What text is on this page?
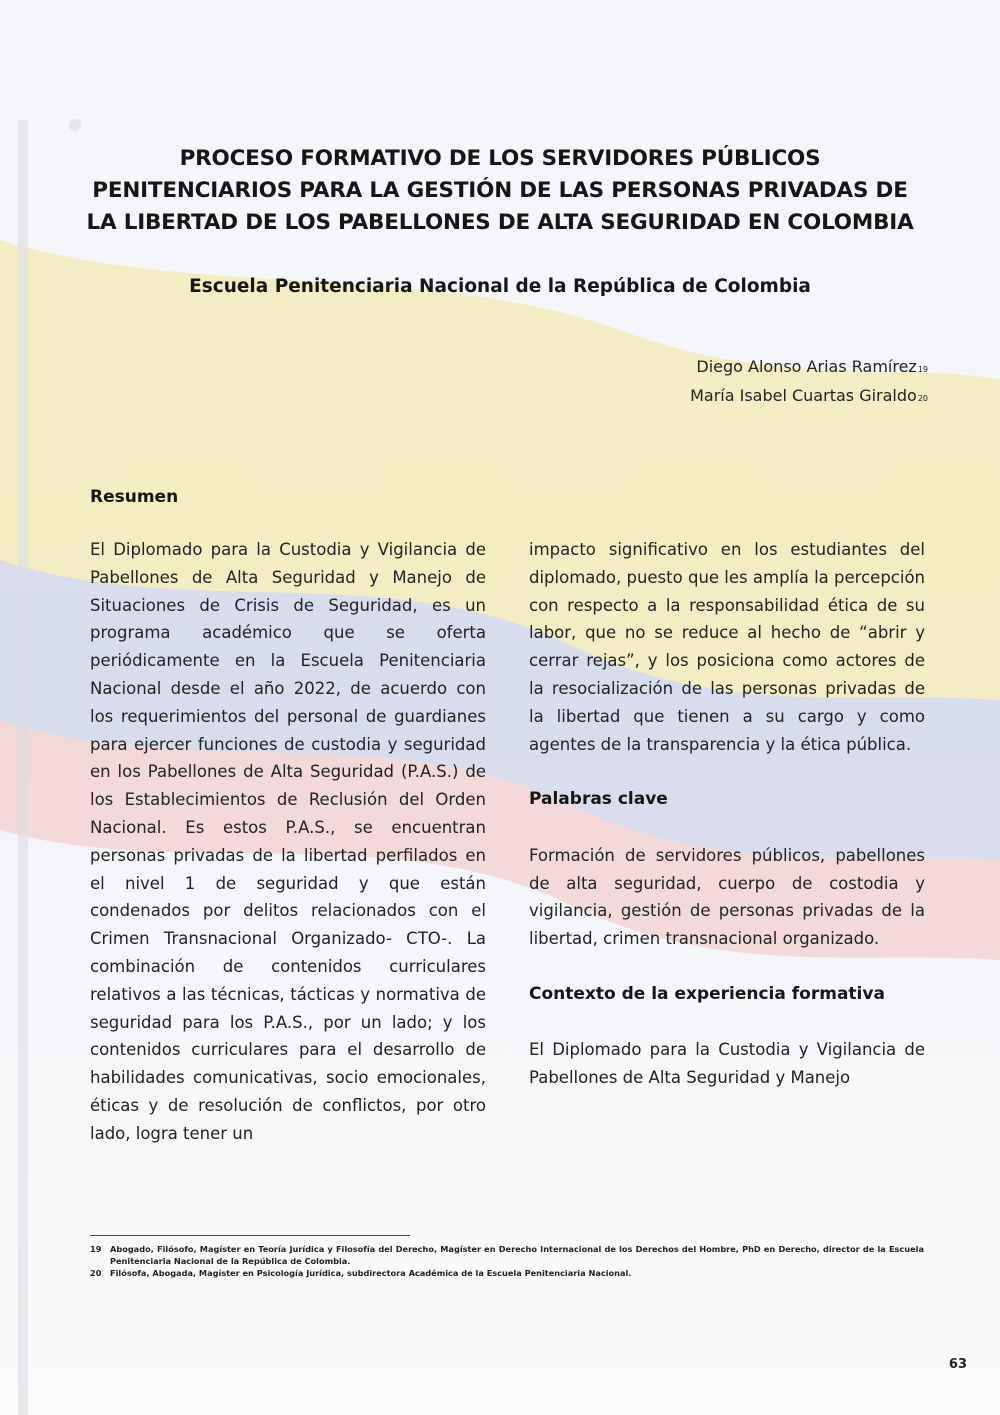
PROCESO FORMATIVO DE LOS SERVIDORES PÚBLICOS
PENITENCIARIOS PARA LA GESTIÓN DE LAS PERSONAS PRIVADAS DE
LA LIBERTAD DE LOS PABELLONES DE ALTA SEGURIDAD EN COLOMBIA
Escuela Penitenciaria Nacional de la República de Colombia
Diego Alonso Arias Ramírez19
María Isabel Cuartas Giraldo20
Resumen

El Diplomado para la Custodia y Vigilancia de Pabellones de Alta Seguridad y Manejo de Situaciones de Crisis de Seguridad, es un programa académico que se oferta periódicamente en la Escuela Penitenciaria Nacional desde el año 2022, de acuerdo con los requerimientos del personal de guardianes para ejercer funciones de custodia y seguridad en los Pabellones de Alta Seguridad (P.A.S.) de los Establecimientos de Reclusión del Orden Nacional. Es estos P.A.S., se encuentran personas privadas de la libertad perfilados en el nivel 1 de seguridad y que están condenados por delitos relacionados con el Crimen Transnacional Organizado- CTO-. La combinación de contenidos curriculares relativos a las técnicas, tácticas y normativa de seguridad para los P.A.S., por un lado; y los contenidos curriculares para el desarrollo de habilidades comunicativas, socio emocionales, éticas y de resolución de conflictos, por otro lado, logra tener un

impacto significativo en los estudiantes del diplomado, puesto que les amplía la percepción con respecto a la responsabilidad ética de su labor, que no se reduce al hecho de “abrir y cerrar rejas”, y los posiciona como actores de la resocialización de las personas privadas de la libertad que tienen a su cargo y como agentes de la transparencia y la ética pública.

Palabras clave

Formación de servidores públicos, pabellones de alta seguridad, cuerpo de costodia y vigilancia, gestión de personas privadas de la libertad, crimen transnacional organizado.

Contexto de la experiencia formativa

El Diplomado para la Custodia y Vigilancia de Pabellones de Alta Seguridad y Manejo

19 Abogado, Filósofo, Magíster en Teoría Jurídica y Filosofía del Derecho, Magíster en Derecho Internacional de los Derechos del Hombre, PhD en Derecho, director de la Escuela Penitenciaria Nacional de la República de Colombia.
20 Filósofa, Abogada, Magíster en Psicología Jurídica, subdirectora Académica de la Escuela Penitenciaria Nacional.
63
